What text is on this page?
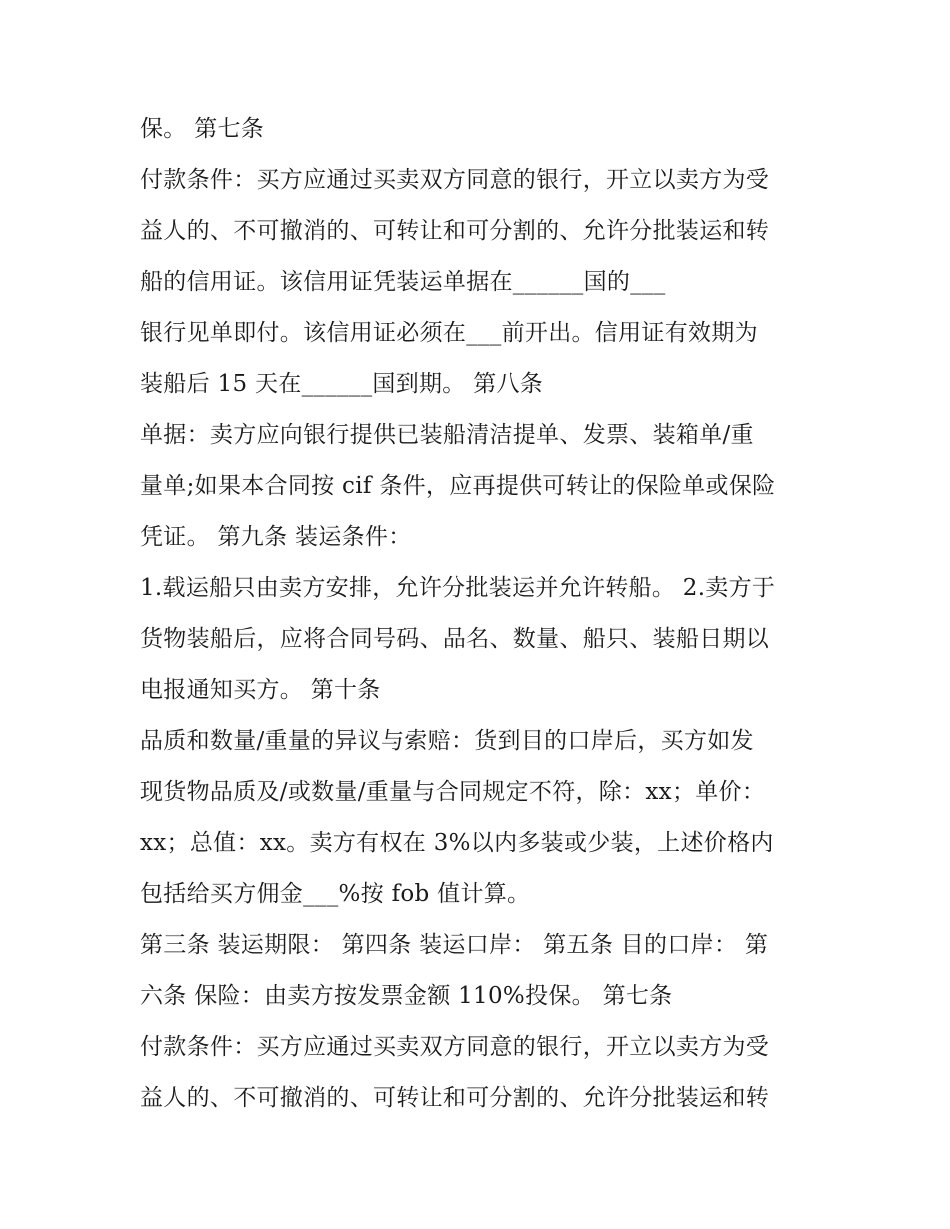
保。 第七条
付款条件：买方应通过买卖双方同意的银行，开立以卖方为受
益人的、不可撤消的、可转让和可分割的、允许分批装运和转
船的信用证。该信用证凭装运单据在______国的___
银行见单即付。该信用证必须在___前开出。信用证有效期为
装船后 15 天在______国到期。 第八条
单据：卖方应向银行提供已装船清洁提单、发票、装箱单/重
量单;如果本合同按 cif 条件，应再提供可转让的保险单或保险
凭证。 第九条 装运条件：
1.载运船只由卖方安排，允许分批装运并允许转船。 2.卖方于
货物装船后，应将合同号码、品名、数量、船只、装船日期以
电报通知买方。 第十条
品质和数量/重量的异议与索赔：货到目的口岸后，买方如发
现货物品质及/或数量/重量与合同规定不符，除：xx；单价：
xx；总值：xx。卖方有权在 3%以内多装或少装，上述价格内
包括给买方佣金___%按 fob 值计算。
第三条 装运期限： 第四条 装运口岸： 第五条 目的口岸： 第
六条 保险：由卖方按发票金额 110%投保。 第七条
付款条件：买方应通过买卖双方同意的银行，开立以卖方为受
益人的、不可撤消的、可转让和可分割的、允许分批装运和转
